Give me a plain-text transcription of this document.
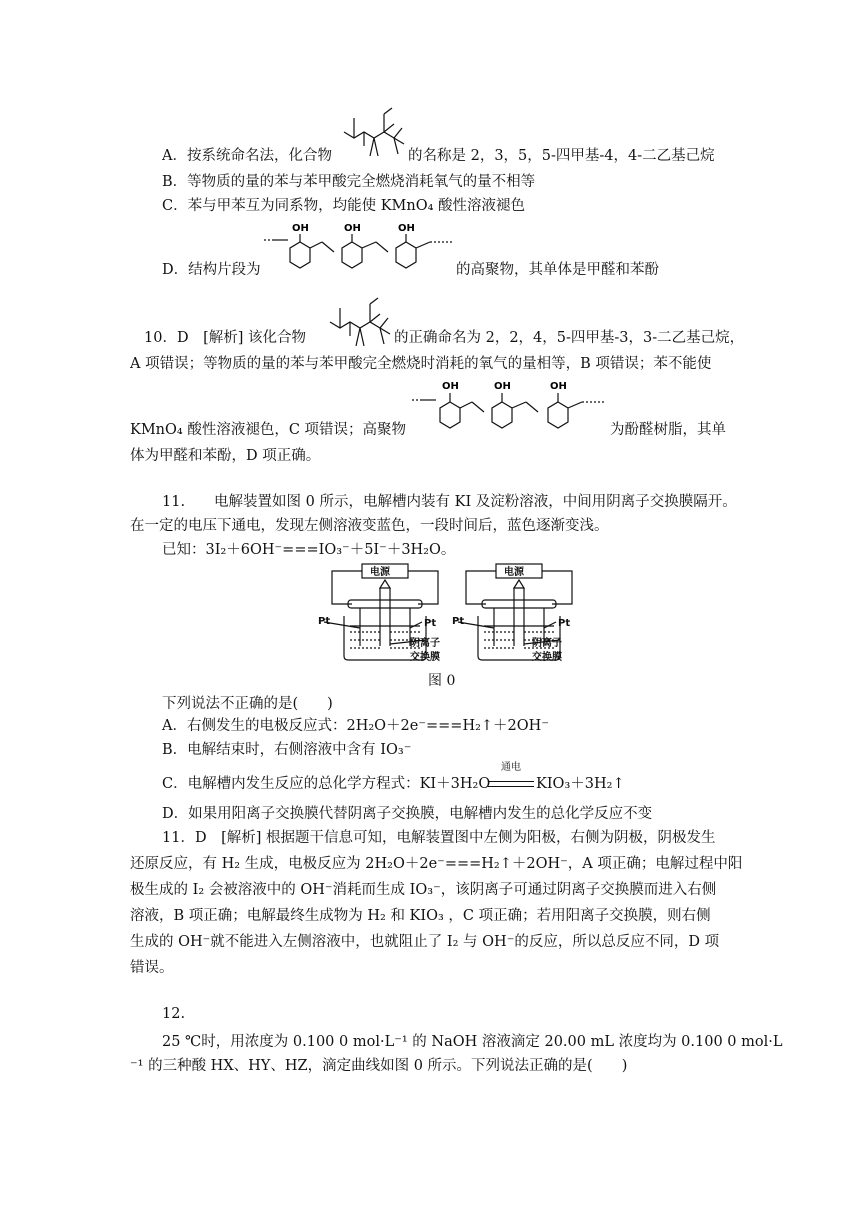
A．按系统命名法，化合物	的名称是 2，3，5，5-四甲基-4，4-二乙基己烷
B．等物质的量的苯与苯甲酸完全燃烧消耗氧气的量不相等
C．苯与甲苯互为同系物，均能使 KMnO₄ 酸性溶液褪色
D．结构片段为
OH	OH	OH
的高聚物，其单体是甲醛和苯酚
10．D　[解析] 该化合物	的正确命名为 2，2，4，5-四甲基-3，3-二乙基己烷，
A 项错误；等物质的量的苯与苯甲酸完全燃烧时消耗的氧气的量相等，B 项错误；苯不能使
KMnO₄ 酸性溶液褪色，C 项错误；高聚物
OH	OH	OH
为酚醛树脂，其单
体为甲醛和苯酚，D 项正确。
11.　　电解装置如图 0 所示，电解槽内装有 KI 及淀粉溶液，中间用阴离子交换膜隔开。
在一定的电压下通电，发现左侧溶液变蓝色，一段时间后，蓝色逐渐变浅。
已知：3I₂＋6OH⁻===IO₃⁻＋5I⁻＋3H₂O。
电源	电源
Pt	Pt Pt	Pt
阴离子
交换膜
阴离子
交换膜
图 0
下列说法不正确的是(　　)
A．右侧发生的电极反应式：2H₂O＋2e⁻===H₂↑＋2OH⁻
B．电解结束时，右侧溶液中含有 IO₃⁻
C．电解槽内发生反应的总化学方程式：KI＋3H₂O
通电
KIO₃＋3H₂↑
D．如果用阳离子交换膜代替阴离子交换膜，电解槽内发生的总化学反应不变
11．D　[解析] 根据题干信息可知，电解装置图中左侧为阳极，右侧为阴极，阴极发生
还原反应，有 H₂ 生成，电极反应为 2H₂O＋2e⁻===H₂↑＋2OH⁻，A 项正确；电解过程中阳
极生成的 I₂ 会被溶液中的 OH⁻消耗而生成 IO₃⁻，该阴离子可通过阴离子交换膜而进入右侧
溶液，B 项正确；电解最终生成物为 H₂ 和 KIO₃ ，C 项正确；若用阳离子交换膜，则右侧
生成的 OH⁻就不能进入左侧溶液中，也就阻止了 I₂ 与 OH⁻的反应，所以总反应不同，D 项
错误。
12.
25 ℃时，用浓度为 0.100 0 mol·L⁻¹ 的 NaOH 溶液滴定 20.00 mL 浓度均为 0.100 0 mol·L
⁻¹ 的三种酸 HX、HY、HZ，滴定曲线如图 0 所示。下列说法正确的是(　　)
